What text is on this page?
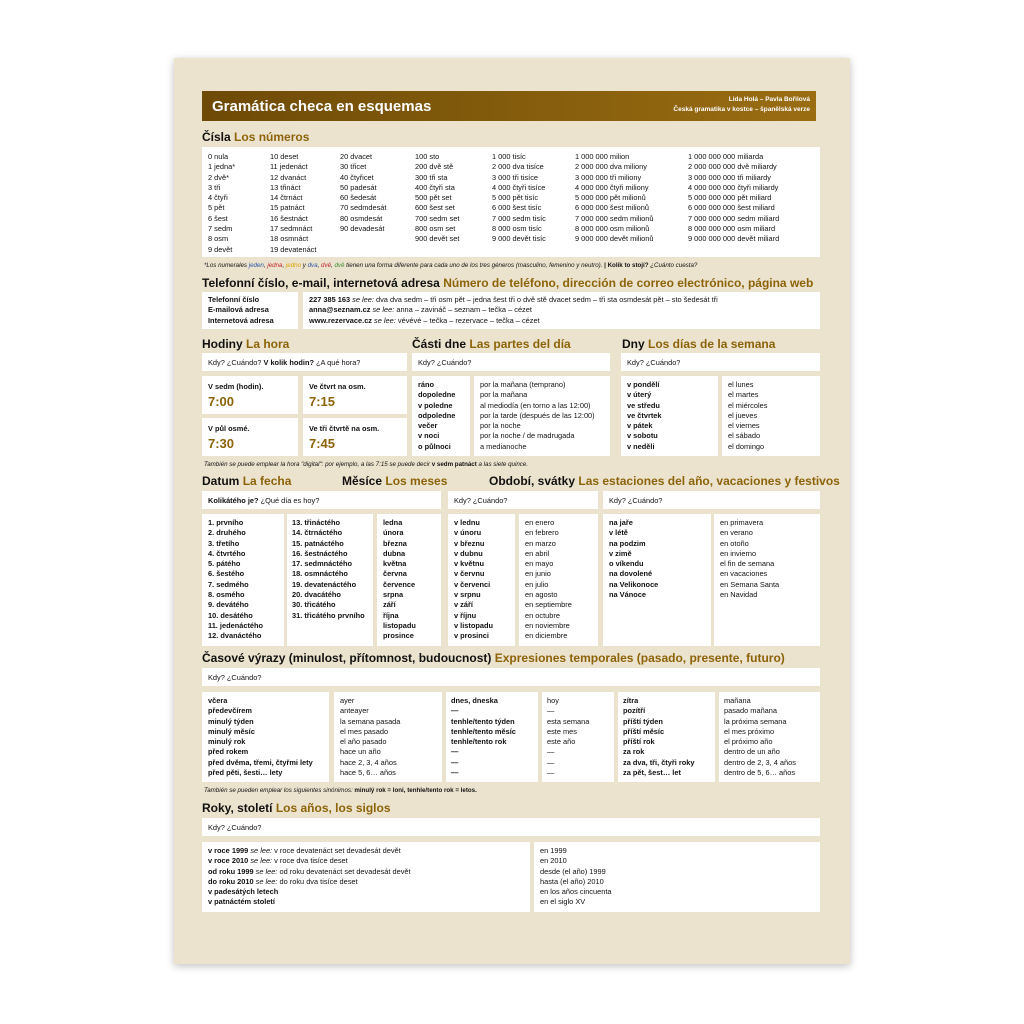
Gramática checa en esquemas	Lida Holá – Pavla Bořilová
Česká gramatika v kostce – španělská verze
Čísla Los números
0 nula
1 jedna*
2 dvě*
3 tři
4 čtyři
5 pět
6 šest
7 sedm
8 osm
9 devět
10 deset
11 jedenáct
12 dvanáct
13 třináct
14 čtrnáct
15 patnáct
16 šestnáct
17 sedmnáct
18 osmnáct
19 devatenáct
20 dvacet
30 třicet
40 čtyřicet
50 padesát
60 šedesát
70 sedmdesát
80 osmdesát
90 devadesát
100 sto
200 dvě stě
300 tři sta
400 čtyři sta
500 pět set
600 šest set
700 sedm set
800 osm set
900 devět set
1 000 tisíc
2 000 dva tisíce
3 000 tři tisíce
4 000 čtyři tisíce
5 000 pět tisíc
6 000 šest tisíc
7 000 sedm tisíc
8 000 osm tisíc
9 000 devět tisíc
1 000 000 milion
2 000 000 dva miliony
3 000 000 tři miliony
4 000 000 čtyři miliony
5 000 000 pět milionů
6 000 000 šest milionů
7 000 000 sedm milionů
8 000 000 osm milionů
9 000 000 devět milionů
1 000 000 000 miliarda
2 000 000 000 dvě miliardy
3 000 000 000 tři miliardy
4 000 000 000 čtyři miliardy
5 000 000 000 pět miliard
6 000 000 000 šest miliard
7 000 000 000 sedm miliard
8 000 000 000 osm miliard
9 000 000 000 devět miliard
*Los numerales jeden, jedna, jedno y dva, dvě, dvě tienen una forma diferente para cada uno de los tres géneros (masculino, femenino y neutro). | Kolik to stojí? ¿Cuánto cuesta?
Telefonní číslo, e-mail, internetová adresa Número de teléfono, dirección de correo electrónico, página web
Telefonní číslo
E-mailová adresa
Internetová adresa
227 385 163 se lee: dva dva sedm – tři osm pět – jedna šest tři o dvě stě dvacet sedm – tři sta osmdesát pět – sto šedesát tři
anna@seznam.cz se lee: anna – zavináč – seznam – tečka – cézet
www.rezervace.cz se lee: vévévé – tečka – rezervace – tečka – cézet
Hodiny La hora
Kdy? ¿Cuándo? V kolik hodin? ¿A qué hora?
V sedm (hodin).
7:00
Ve čtvrt na osm.
7:15
V půl osmé.
7:30
Ve tři čtvrtě na osm.
7:45
Části dne Las partes del día
Kdy? ¿Cuándo?
ráno
dopoledne
v poledne
odpoledne
večer
v noci
o půlnoci
por la mañana (temprano)
por la mañana
al mediodía (en torno a las 12:00)
por la tarde (después de las 12:00)
por la noche
por la noche / de madrugada
a medianoche
Dny Los días de la semana
Kdy? ¿Cuándo?
v pondělí
v úterý
ve středu
ve čtvrtek
v pátek
v sobotu
v neděli
el lunes
el martes
el miércoles
el jueves
el viernes
el sábado
el domingo
También se puede emplear la hora "digital": por ejemplo, a las 7:15 se puede decir v sedm patnáct a las siete quince.
Datum La fecha
Kolikátého je? ¿Qué día es hoy?
1. prvního
2. druhého
3. třetího
4. čtvrtého
5. pátého
6. šestého
7. sedmého
8. osmého
9. devátého
10. desátého
11. jedenáctého
12. dvanáctého
13. třináctého
14. čtrnáctého
15. patnáctého
16. šestnáctého
17. sedmnáctého
18. osmnáctého
19. devatenáctého
20. dvacátého
30. třicátého
31. třicátého prvního
Měsíce Los meses
ledna
února
března
dubna
května
června
července
srpna
září
října
listopadu
prosince
Kdy? ¿Cuándo?
v lednu
v únoru
v březnu
v dubnu
v květnu
v červnu
v červenci
v srpnu
v září
v říjnu
v listopadu
v prosinci
en enero
en febrero
en marzo
en abril
en mayo
en junio
en julio
en agosto
en septiembre
en octubre
en noviembre
en diciembre
Období, svátky Las estaciones del año, vacaciones y festivos
Kdy? ¿Cuándo?
na jaře
v létě
na podzim
v zimě
o víkendu
na dovolené
na Velikonoce
na Vánoce
en primavera
en verano
en otoño
en invierno
el fin de semana
en vacaciones
en Semana Santa
en Navidad
Časové výrazy (minulost, přítomnost, budoucnost) Expresiones temporales (pasado, presente, futuro)
Kdy? ¿Cuándo?
včera
předevčírem
minulý týden
minulý měsíc
minulý rok
před rokem
před dvěma, třemi, čtyřmi lety
před pěti, šesti… lety
ayer
anteayer
la semana pasada
el mes pasado
el año pasado
hace un año
hace 2, 3, 4 años
hace 5, 6… años
dnes, dneska
—
tenhle/tento týden
tenhle/tento měsíc
tenhle/tento rok
—
—
—
hoy
—
esta semana
este mes
este año
—
—
—
zítra
pozítří
příští týden
příští měsíc
příští rok
za rok
za dva, tři, čtyři roky
za pět, šest… let
mañana
pasado mañana
la próxima semana
el mes próximo
el próximo año
dentro de un año
dentro de 2, 3, 4 años
dentro de 5, 6… años
También se pueden emplear los siguientes sinónimos: minulý rok = loni, tenhle/tento rok = letos.
Roky, století Los años, los siglos
Kdy? ¿Cuándo?
v roce 1999 se lee: v roce devatenáct set devadesát devět
v roce 2010 se lee: v roce dva tisíce deset
od roku 1999 se lee: od roku devatenáct set devadesát devět
do roku 2010 se lee: do roku dva tisíce deset
v padesátých letech
v patnáctém století
en 1999
en 2010
desde (el año) 1999
hasta (el año) 2010
en los años cincuenta
en el siglo XV
